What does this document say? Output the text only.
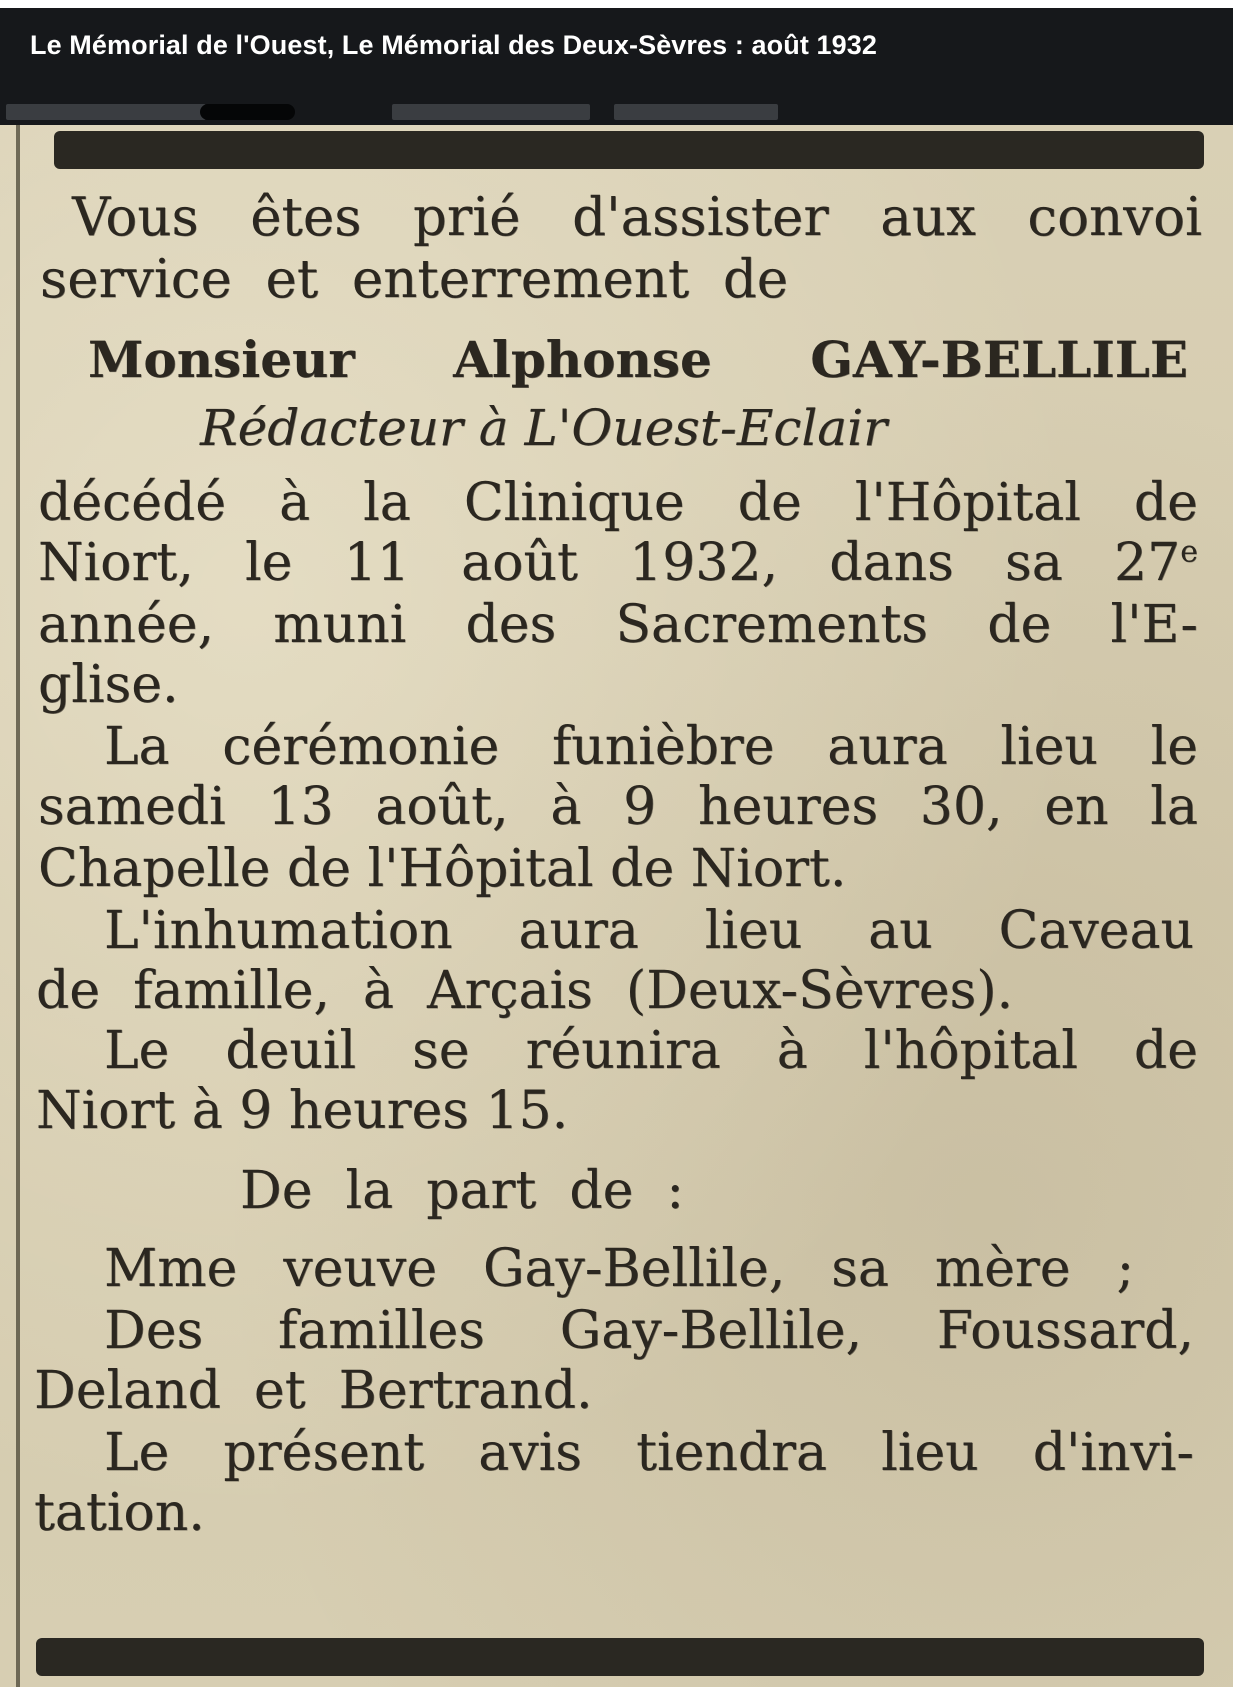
Le Mémorial de l'Ouest, Le Mémorial des Deux-Sèvres : août 1932
Vous êtes prié d'assister aux convoi
service  et  enterrement  de
Monsieur Alphonse GAY-BELLILE
Rédacteur à L'Ouest-Eclair
décédé à la Clinique de l'Hôpital de
Niort, le 11 août 1932, dans sa 27e
année, muni des Sacrements de l'E-
glise.
La cérémonie funièbre aura lieu le
samedi 13 août, à 9 heures 30, en la
Chapelle de l'Hôpital de Niort.
L'inhumation aura lieu au Caveau
de  famille,  à  Arçais  (Deux-Sèvres).
Le deuil se réunira à l'hôpital de
Niort à 9 heures 15.
De  la  part  de  :
Mme veuve Gay-Bellile, sa mère ;
Des familles Gay-Bellile, Foussard,
Deland  et  Bertrand.
Le présent avis tiendra lieu d'invi-
tation.
